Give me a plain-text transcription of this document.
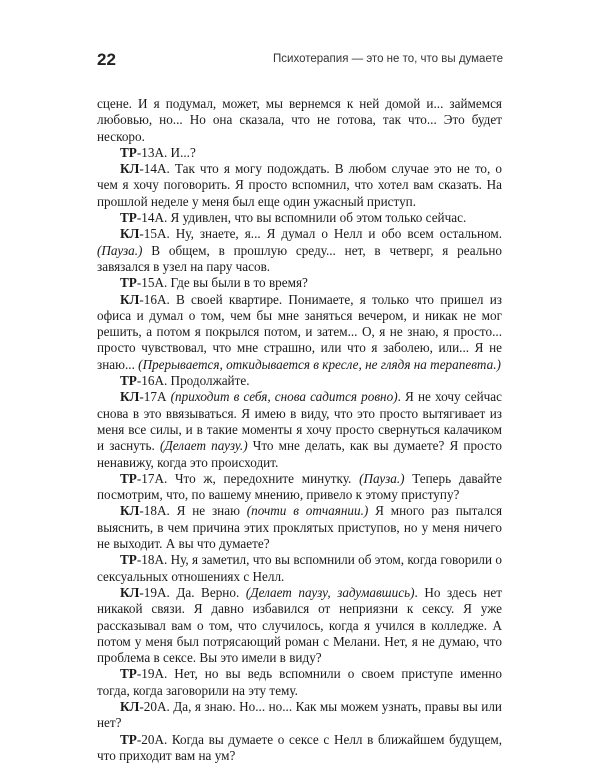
22	Психотерапия — это не то, что вы думаете

сцене. И я подумал, может, мы вернемся к ней домой и... займемся любовью, но... Но она сказала, что не готова, так что... Это будет нескоро.

ТР-13А. И...?

КЛ-14А. Так что я могу подождать. В любом случае это не то, о чем я хочу поговорить. Я просто вспомнил, что хотел вам сказать. На прошлой неделе у меня был еще один ужасный приступ.

ТР-14А. Я удивлен, что вы вспомнили об этом только сейчас.

КЛ-15А. Ну, знаете, я... Я думал о Нелл и обо всем остальном. (Пауза.) В общем, в прошлую среду... нет, в четверг, я реально завязался в узел на пару часов.

ТР-15А. Где вы были в то время?

КЛ-16А. В своей квартире. Понимаете, я только что пришел из офиса и думал о том, чем бы мне заняться вечером, и никак не мог решить, а потом я покрылся потом, и затем... О, я не знаю, я просто... просто чувствовал, что мне страшно, или что я заболею, или... Я не знаю... (Прерывается, откидывается в кресле, не глядя на терапевта.)

ТР-16А. Продолжайте.

КЛ-17А (приходит в себя, снова садится ровно). Я не хочу сейчас снова в это ввязываться. Я имею в виду, что это просто вытягивает из меня все силы, и в такие моменты я хочу просто свернуться калачиком и заснуть. (Делает паузу.) Что мне делать, как вы думаете? Я просто ненавижу, когда это происходит.

ТР-17А. Что ж, передохните минутку. (Пауза.) Теперь давайте посмотрим, что, по вашему мнению, привело к этому приступу?

КЛ-18А. Я не знаю (почти в отчаянии.) Я много раз пытался выяснить, в чем причина этих проклятых приступов, но у меня ничего не выходит. А вы что думаете?

ТР-18А. Ну, я заметил, что вы вспомнили об этом, когда говорили о сексуальных отношениях с Нелл.

КЛ-19А. Да. Верно. (Делает паузу, задумавшись). Но здесь нет никакой связи. Я давно избавился от неприязни к сексу. Я уже рассказывал вам о том, что случилось, когда я учился в колледже. А потом у меня был потрясающий роман с Мелани. Нет, я не думаю, что проблема в сексе. Вы это имели в виду?

ТР-19А. Нет, но вы ведь вспомнили о своем приступе именно тогда, когда заговорили на эту тему.

КЛ-20А. Да, я знаю. Но... но... Как мы можем узнать, правы вы или нет?

ТР-20А. Когда вы думаете о сексе с Нелл в ближайшем будущем, что приходит вам на ум?
